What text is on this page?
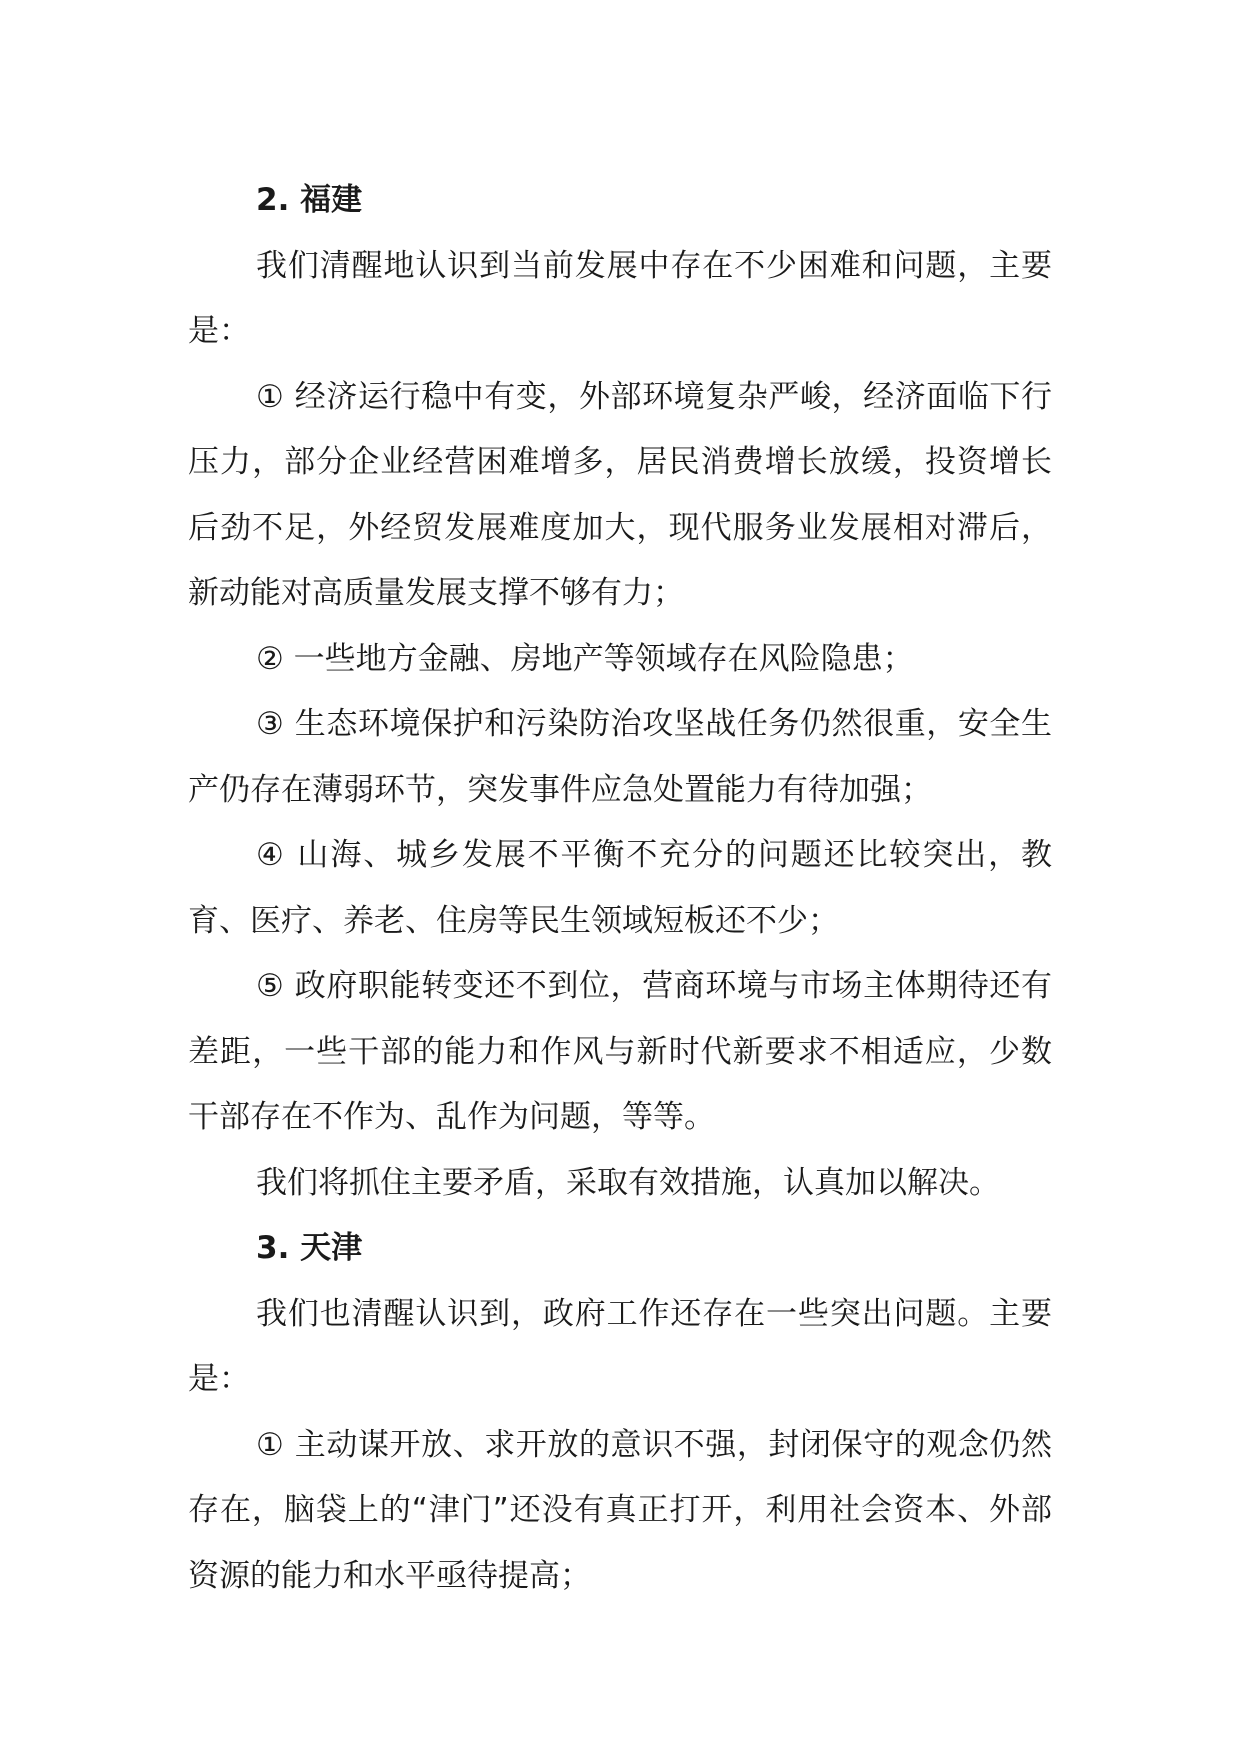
2. 福建

我们清醒地认识到当前发展中存在不少困难和问题，主要是：

① 经济运行稳中有变，外部环境复杂严峻，经济面临下行压力，部分企业经营困难增多，居民消费增长放缓，投资增长后劲不足，外经贸发展难度加大，现代服务业发展相对滞后，新动能对高质量发展支撑不够有力；

② 一些地方金融、房地产等领域存在风险隐患；

③ 生态环境保护和污染防治攻坚战任务仍然很重，安全生产仍存在薄弱环节，突发事件应急处置能力有待加强；

④ 山海、城乡发展不平衡不充分的问题还比较突出，教育、医疗、养老、住房等民生领域短板还不少；

⑤ 政府职能转变还不到位，营商环境与市场主体期待还有差距，一些干部的能力和作风与新时代新要求不相适应，少数干部存在不作为、乱作为问题，等等。

我们将抓住主要矛盾，采取有效措施，认真加以解决。

3. 天津

我们也清醒认识到，政府工作还存在一些突出问题。主要是：

① 主动谋开放、求开放的意识不强，封闭保守的观念仍然存在，脑袋上的“津门”还没有真正打开，利用社会资本、外部资源的能力和水平亟待提高；
